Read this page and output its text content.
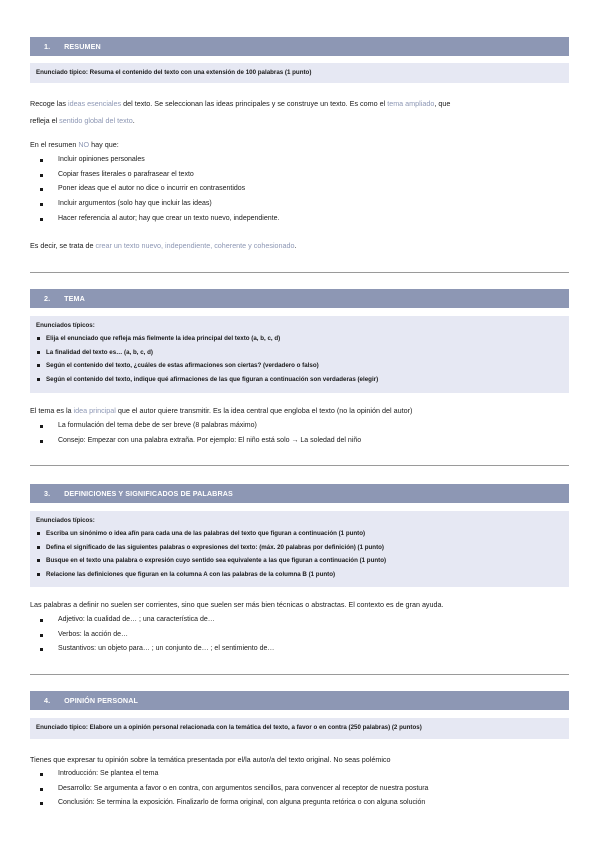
1. RESUMEN
Enunciado típico: Resuma el contenido del texto con una extensión de 100 palabras (1 punto)
Recoge las ideas esenciales del texto. Se seleccionan las ideas principales y se construye un texto. Es como el tema ampliado, que
refleja el sentido global del texto.
En el resumen NO hay que:
Incluir opiniones personales
Copiar frases literales o parafrasear el texto
Poner ideas que el autor no dice o incurrir en contrasentidos
Incluir argumentos (solo hay que incluir las ideas)
Hacer referencia al autor; hay que crear un texto nuevo, independiente.
Es decir, se trata de crear un texto nuevo, independiente, coherente y cohesionado.
2. TEMA
Enunciados típicos:
Elija el enunciado que refleja más fielmente la idea principal del texto (a, b, c, d)
La finalidad del texto es… (a, b, c, d)
Según el contenido del texto, ¿cuáles de estas afirmaciones son ciertas? (verdadero o falso)
Según el contenido del texto, indique qué afirmaciones de las que figuran a continuación son verdaderas (elegir)
El tema es la idea principal que el autor quiere transmitir. Es la idea central que engloba el texto (no la opinión del autor)
La formulación del tema debe de ser breve (8 palabras máximo)
Consejo: Empezar con una palabra extraña. Por ejemplo: El niño está solo → La soledad del niño
3. DEFINICIONES Y SIGNIFICADOS DE PALABRAS
Enunciados típicos:
Escriba un sinónimo o idea afín para cada una de las palabras del texto que figuran a continuación (1 punto)
Defina el significado de las siguientes palabras o expresiones del texto: (máx. 20 palabras por definición) (1 punto)
Busque en el texto una palabra o expresión cuyo sentido sea equivalente a las que figuran a continuación (1 punto)
Relacione las definiciones que figuran en la columna A con las palabras de la columna B (1 punto)
Las palabras a definir no suelen ser corrientes, sino que suelen ser más bien técnicas o abstractas. El contexto es de gran ayuda.
Adjetivo: la cualidad de… ; una característica de…
Verbos: la acción de…
Sustantivos: un objeto para… ; un conjunto de… ; el sentimiento de…
4. OPINIÓN PERSONAL
Enunciado típico: Elabore un a opinión personal relacionada con la temática del texto, a favor o en contra (250 palabras) (2 puntos)
Tienes que expresar tu opinión sobre la temática presentada por el/la autor/a del texto original. No seas polémico
Introducción: Se plantea el tema
Desarrollo: Se argumenta a favor o en contra, con argumentos sencillos, para convencer al receptor de nuestra postura
Conclusión: Se termina la exposición. Finalizarlo de forma original, con alguna pregunta retórica o con alguna solución
